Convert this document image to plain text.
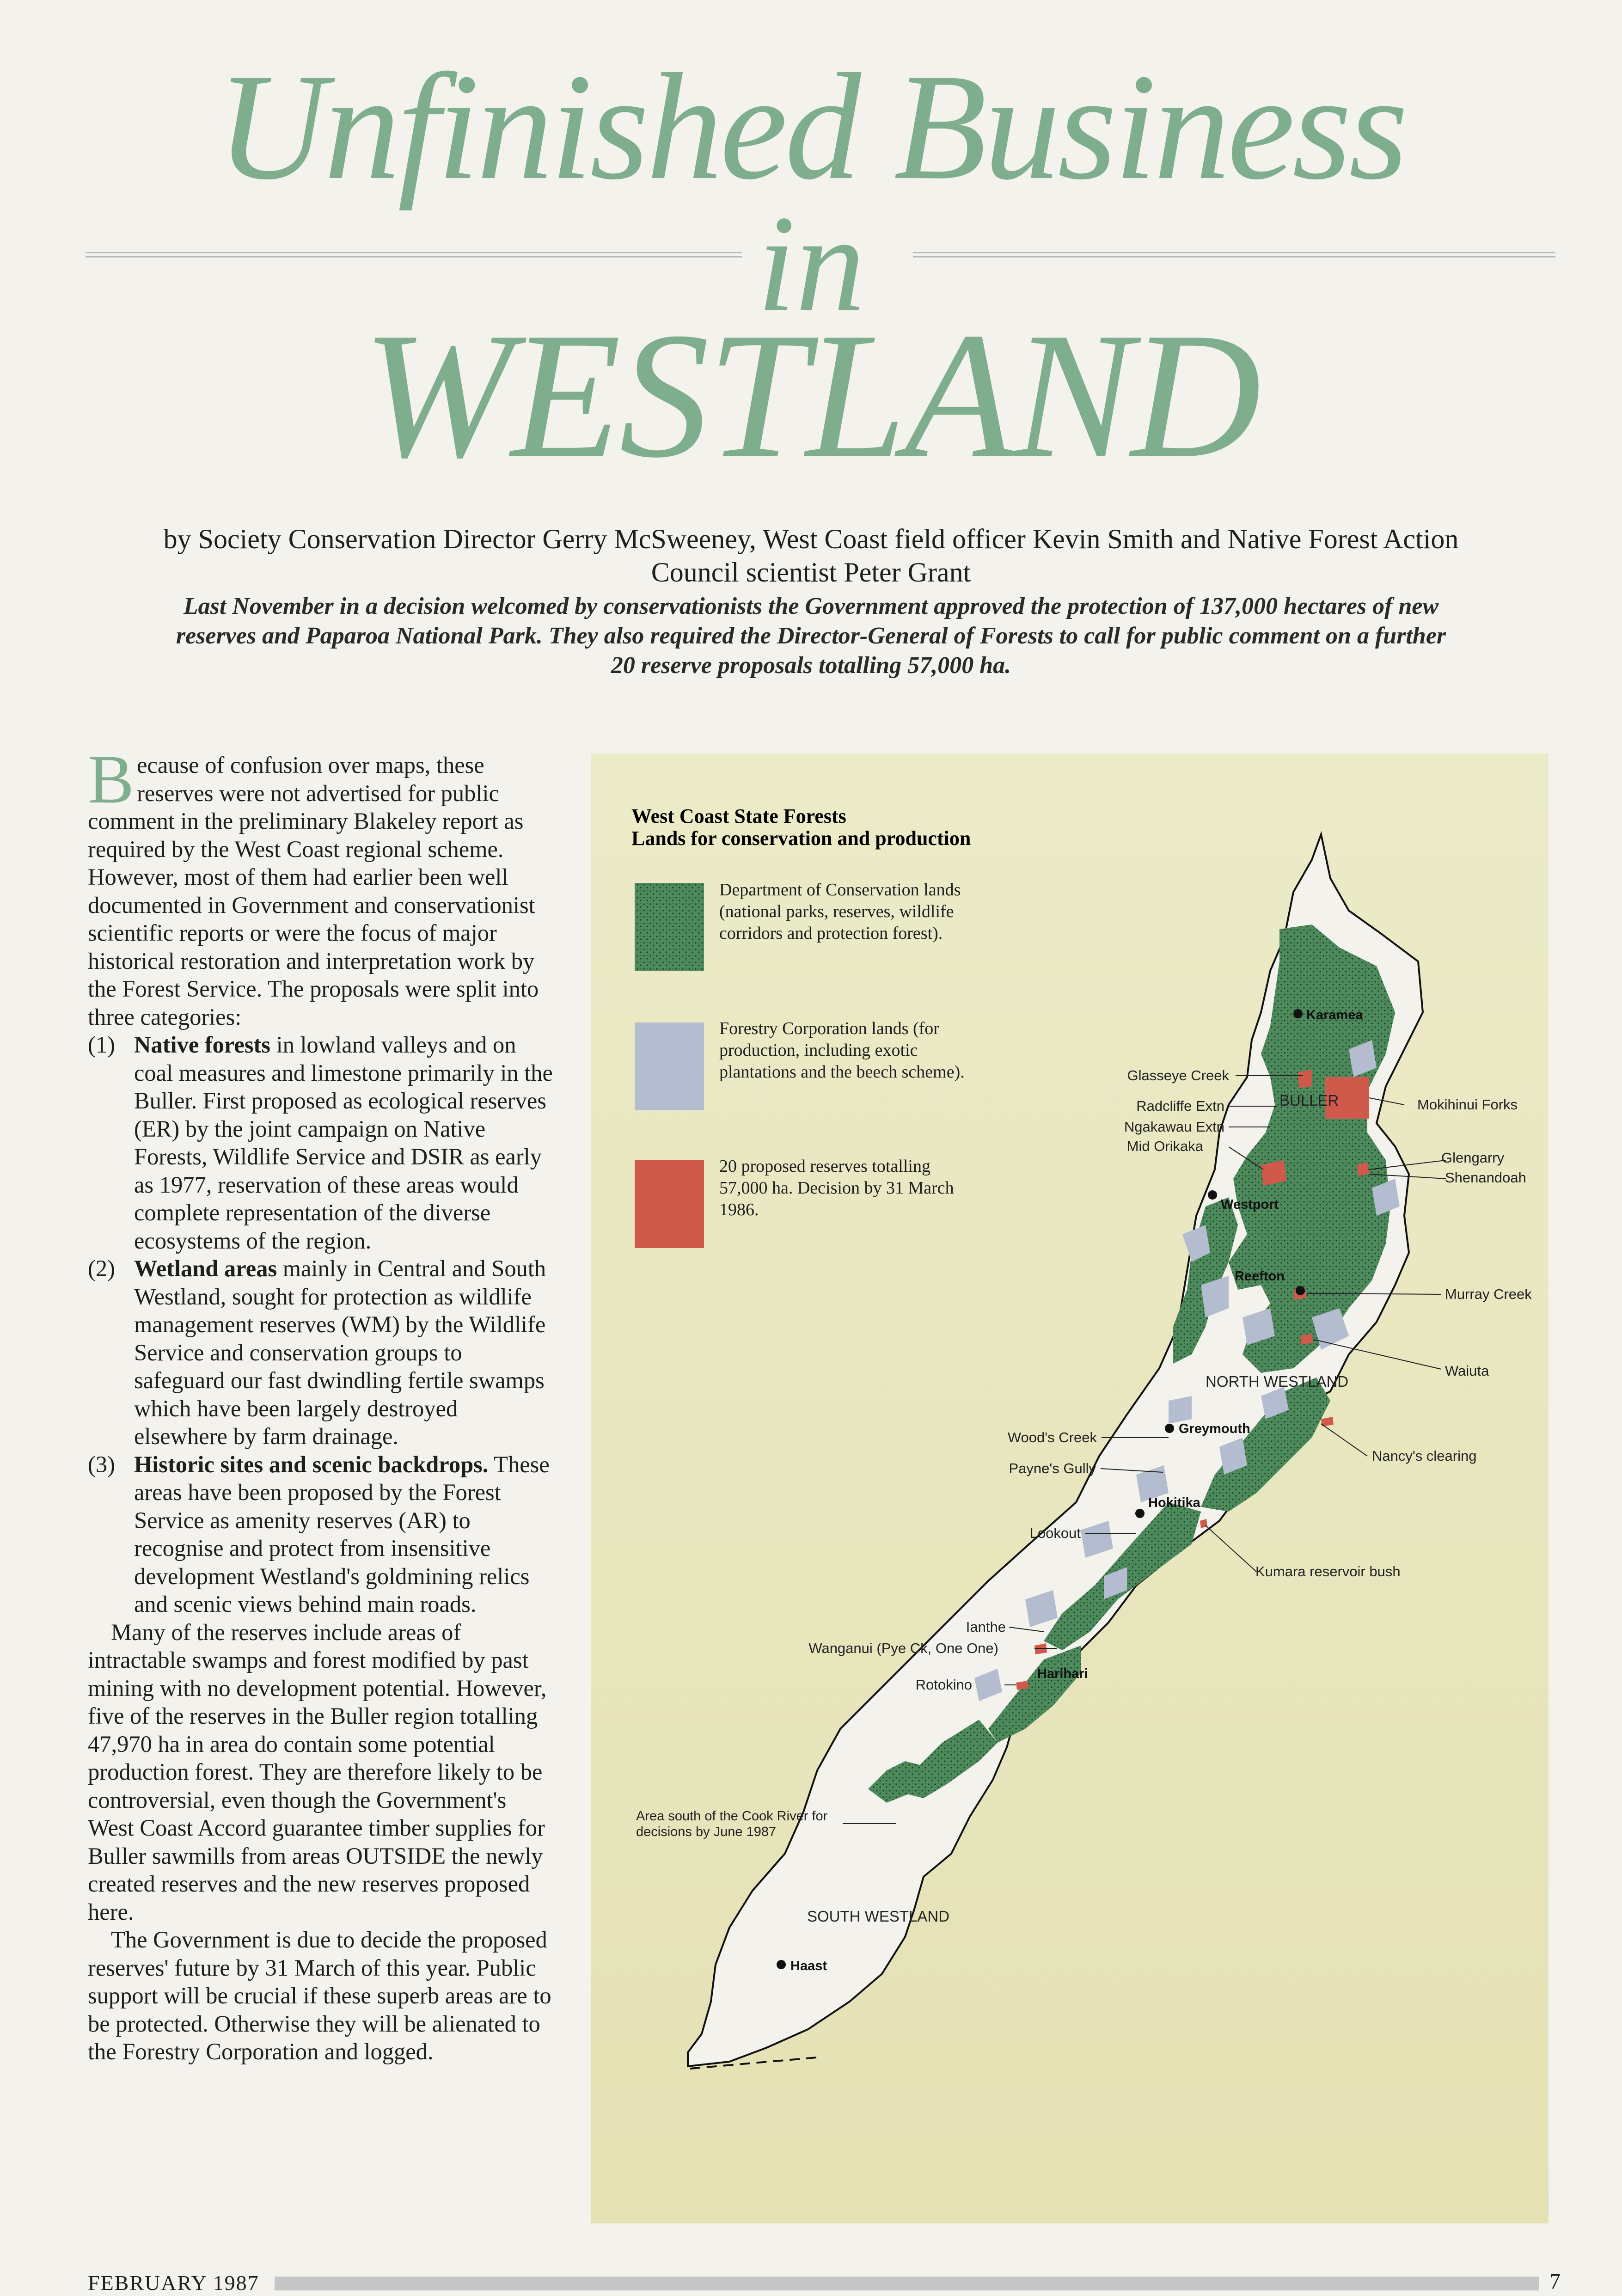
Unfinished Business
in
WESTLAND
by Society Conservation Director Gerry McSweeney, West Coast field officer Kevin Smith and Native Forest Action Council scientist Peter Grant
Last November in a decision welcomed by conservationists the Government approved the protection of 137,000 hectares of new reserves and Paparoa National Park. They also required the Director-General of Forests to call for public comment on a further 20 reserve proposals totalling 57,000 ha.

Because of confusion over maps, these reserves were not advertised for public comment in the preliminary Blakeley report as required by the West Coast regional scheme. However, most of them had earlier been well documented in Government and conservationist scientific reports or were the focus of major historical restoration and interpretation work by the Forest Service. The proposals were split into three categories:

(1) Native forests in lowland valleys and on coal measures and limestone primarily in the Buller. First proposed as ecological reserves (ER) by the joint campaign on Native Forests, Wildlife Service and DSIR as early as 1977, reservation of these areas would complete representation of the diverse ecosystems of the region.
(2) Wetland areas mainly in Central and South Westland, sought for protection as wildlife management reserves (WM) by the Wildlife Service and conservation groups to safeguard our fast dwindling fertile swamps which have been largely destroyed elsewhere by farm drainage.
(3) Historic sites and scenic backdrops. These areas have been proposed by the Forest Service as amenity reserves (AR) to recognise and protect from insensitive development Westland's goldmining relics and scenic views behind main roads.

Many of the reserves include areas of intractable swamps and forest modified by past mining with no development potential. However, five of the reserves in the Buller region totalling 47,970 ha in area do contain some potential production forest. They are therefore likely to be controversial, even though the Government's West Coast Accord guarantee timber supplies for Buller sawmills from areas OUTSIDE the newly created reserves and the new reserves proposed here.

The Government is due to decide the proposed reserves' future by 31 March of this year. Public support will be crucial if these superb areas are to be protected. Otherwise they will be alienated to the Forestry Corporation and logged.

West Coast State Forests
Lands for conservation and production
Department of Conservation lands (national parks, reserves, wildlife corridors and protection forest).
Forestry Corporation lands (for production, including exotic plantations and the beech scheme).
20 proposed reserves totalling 57,000 ha. Decision by 31 March 1986.
Karamea
Westport
Reefton
Greymouth
Hokitika
Harihari
Haast
BULLER
NORTH WESTLAND
SOUTH WESTLAND
Glasseye Creek
Radcliffe Extn
Ngakawau Extn
Mid Orikaka
Wood's Creek
Payne's Gully
Lookout
Ianthe
Wanganui (Pye Ck, One One)
Rotokino
Mokihinui Forks
Glengarry
Shenandoah
Murray Creek
Waiuta
Nancy's clearing
Kumara reservoir bush
Area south of the Cook River for decisions by June 1987
FEBRUARY 1987	7
